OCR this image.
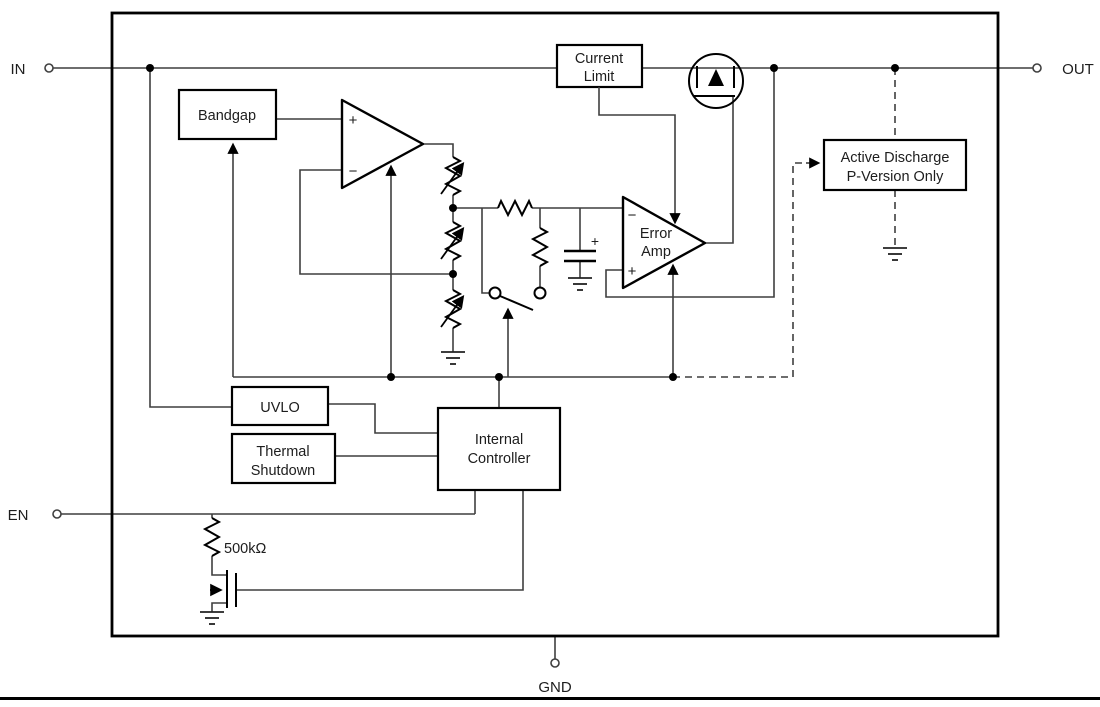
Bandgap
Current
Limit
Active Discharge
P-Version Only
UVLO
Thermal
Shutdown
Internal
Controller
+
−
−
+
Error
Amp
500kΩ
+
IN	OUT
EN
GND
